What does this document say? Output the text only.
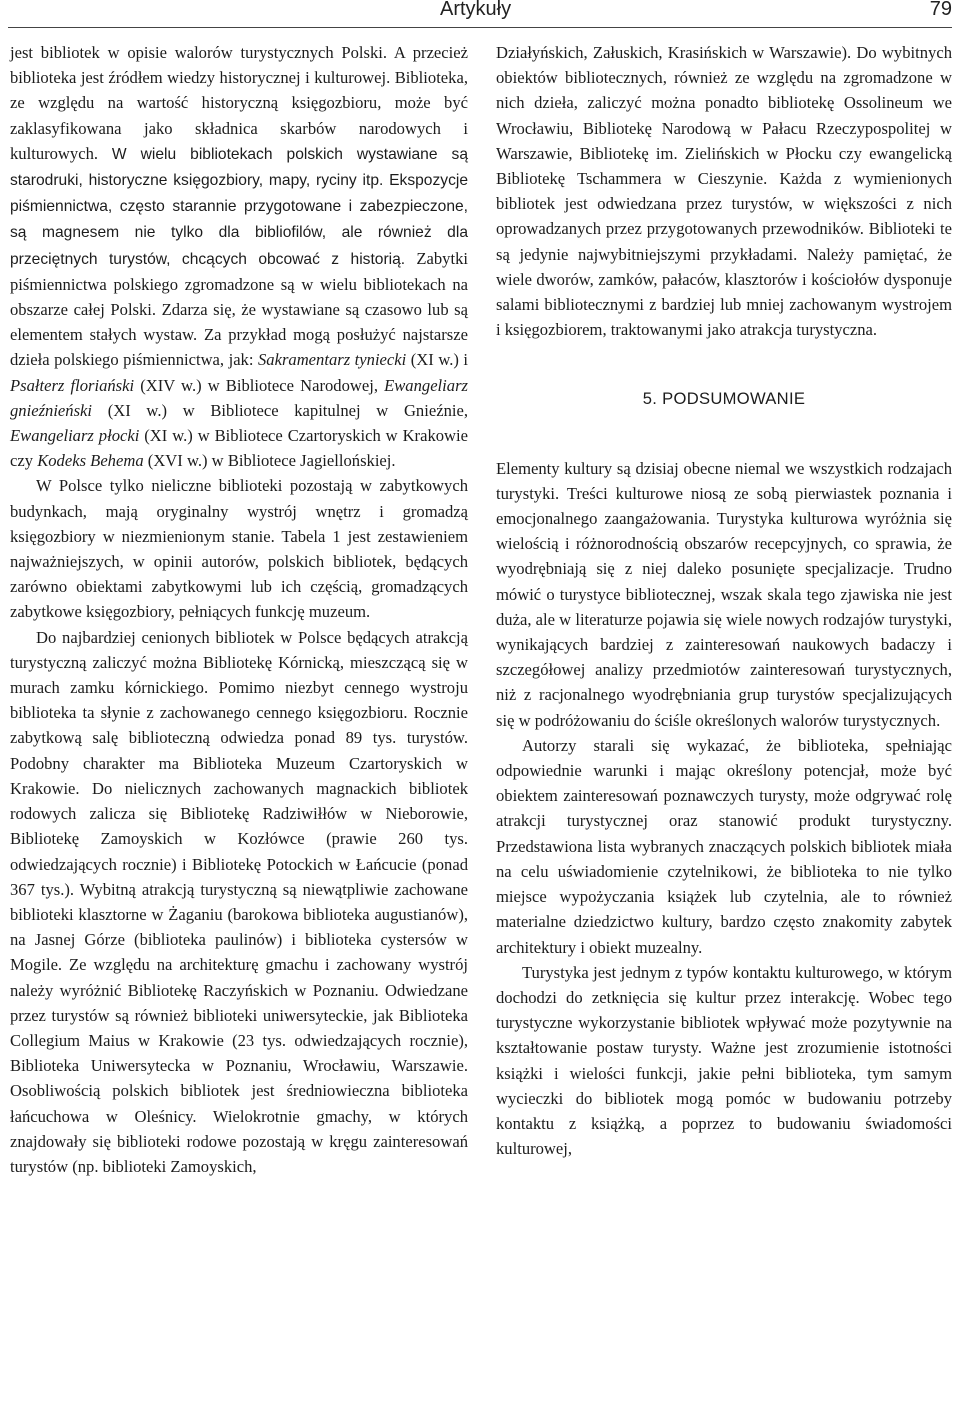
Artykuły	79

jest bibliotek w opisie walorów turystycznych Polski. A przecież biblioteka jest źródłem wiedzy historycznej i kulturowej. Biblioteka, ze względu na wartość historyczną księgozbioru, może być zaklasyfikowana jako składnica skarbów narodowych i kulturowych. W wielu bibliotekach polskich wystawiane są starodruki, historyczne księgozbiory, mapy, ryciny itp. Ekspozycje piśmiennictwa, często starannie przygotowane i zabezpieczone, są magnesem nie tylko dla bibliofilów, ale również dla przeciętnych turystów, chcących obcować z historią. Zabytki piśmiennictwa polskiego zgromadzone są w wielu bibliotekach na obszarze całej Polski. Zdarza się, że wystawiane są czasowo lub są elementem stałych wystaw. Za przykład mogą posłużyć najstarsze dzieła polskiego piśmiennictwa, jak: Sakramentarz tyniecki (XI w.) i Psałterz floriański (XIV w.) w Bibliotece Narodowej, Ewangeliarz gnieźnieński (XI w.) w Bibliotece kapitulnej w Gnieźnie, Ewangeliarz płocki (XI w.) w Bibliotece Czartoryskich w Krakowie czy Kodeks Behema (XVI w.) w Bibliotece Jagiellońskiej.

W Polsce tylko nieliczne biblioteki pozostają w zabytkowych budynkach, mają oryginalny wystrój wnętrz i gromadzą księgozbiory w niezmienionym stanie. Tabela 1 jest zestawieniem najważniejszych, w opinii autorów, polskich bibliotek, będących zarówno obiektami zabytkowymi lub ich częścią, gromadzących zabytkowe księgozbiory, pełniących funkcję muzeum.

Do najbardziej cenionych bibliotek w Polsce będących atrakcją turystyczną zaliczyć można Bibliotekę Kórnicką, mieszczącą się w murach zamku kórnickiego. Pomimo niezbyt cennego wystroju biblioteka ta słynie z zachowanego cennego księgozbioru. Rocznie zabytkową salę biblioteczną odwiedza ponad 89 tys. turystów. Podobny charakter ma Biblioteka Muzeum Czartoryskich w Krakowie. Do nielicznych zachowanych magnackich bibliotek rodowych zalicza się Bibliotekę Radziwiłłów w Nieborowie, Bibliotekę Zamoyskich w Kozłówce (prawie 260 tys. odwiedzających rocznie) i Bibliotekę Potockich w Łańcucie (ponad 367 tys.). Wybitną atrakcją turystyczną są niewątpliwie zachowane biblioteki klasztorne w Żaganiu (barokowa biblioteka augustianów), na Jasnej Górze (biblioteka paulinów) i biblioteka cystersów w Mogile. Ze względu na architekturę gmachu i zachowany wystrój należy wyróżnić Bibliotekę Raczyńskich w Poznaniu. Odwiedzane przez turystów są również biblioteki uniwersyteckie, jak Biblioteka Collegium Maius w Krakowie (23 tys. odwiedzających rocznie), Biblioteka Uniwersytecka w Poznaniu, Wrocławiu, Warszawie. Osobliwością polskich bibliotek jest średniowieczna biblioteka łańcuchowa w Oleśnicy. Wielokrotnie gmachy, w których znajdowały się biblioteki rodowe pozostają w kręgu zainteresowań turystów (np. biblioteki Zamoyskich,

Działyńskich, Załuskich, Krasińskich w Warszawie). Do wybitnych obiektów bibliotecznych, również ze względu na zgromadzone w nich dzieła, zaliczyć można ponadto bibliotekę Ossolineum we Wrocławiu, Bibliotekę Narodową w Pałacu Rzeczypospolitej w Warszawie, Bibliotekę im. Zielińskich w Płocku czy ewangelicką Bibliotekę Tschammera w Cieszynie. Każda z wymienionych bibliotek jest odwiedzana przez turystów, w większości z nich oprowadzanych przez przygotowanych przewodników. Biblioteki te są jedynie najwybitniejszymi przykładami. Należy pamiętać, że wiele dworów, zamków, pałaców, klasztorów i kościołów dysponuje salami bibliotecznymi z bardziej lub mniej zachowanym wystrojem i księgozbiorem, traktowanymi jako atrakcja turystyczna.

5. PODSUMOWANIE

Elementy kultury są dzisiaj obecne niemal we wszystkich rodzajach turystyki. Treści kulturowe niosą ze sobą pierwiastek poznania i emocjonalnego zaangażowania. Turystyka kulturowa wyróżnia się wielością i różnorodnością obszarów recepcyjnych, co sprawia, że wyodrębniają się z niej daleko posunięte specjalizacje. Trudno mówić o turystyce bibliotecznej, wszak skala tego zjawiska nie jest duża, ale w literaturze pojawia się wiele nowych rodzajów turystyki, wynikających bardziej z zainteresowań naukowych badaczy i szczegółowej analizy przedmiotów zainteresowań turystycznych, niż z racjonalnego wyodrębniania grup turystów specjalizujących się w podróżowaniu do ściśle określonych walorów turystycznych.

Autorzy starali się wykazać, że biblioteka, spełniając odpowiednie warunki i mając określony potencjał, może być obiektem zainteresowań poznawczych turysty, może odgrywać rolę atrakcji turystycznej oraz stanowić produkt turystyczny. Przedstawiona lista wybranych znaczących polskich bibliotek miała na celu uświadomienie czytelnikowi, że biblioteka to nie tylko miejsce wypożyczania książek lub czytelnia, ale to również materialne dziedzictwo kultury, bardzo często znakomity zabytek architektury i obiekt muzealny.

Turystyka jest jednym z typów kontaktu kulturowego, w którym dochodzi do zetknięcia się kultur przez interakcję. Wobec tego turystyczne wykorzystanie bibliotek wpływać może pozytywnie na kształtowanie postaw turysty. Ważne jest zrozumienie istotności książki i wielości funkcji, jakie pełni biblioteka, tym samym wycieczki do bibliotek mogą pomóc w budowaniu potrzeby kontaktu z książką, a poprzez to budowaniu świadomości kulturowej,
